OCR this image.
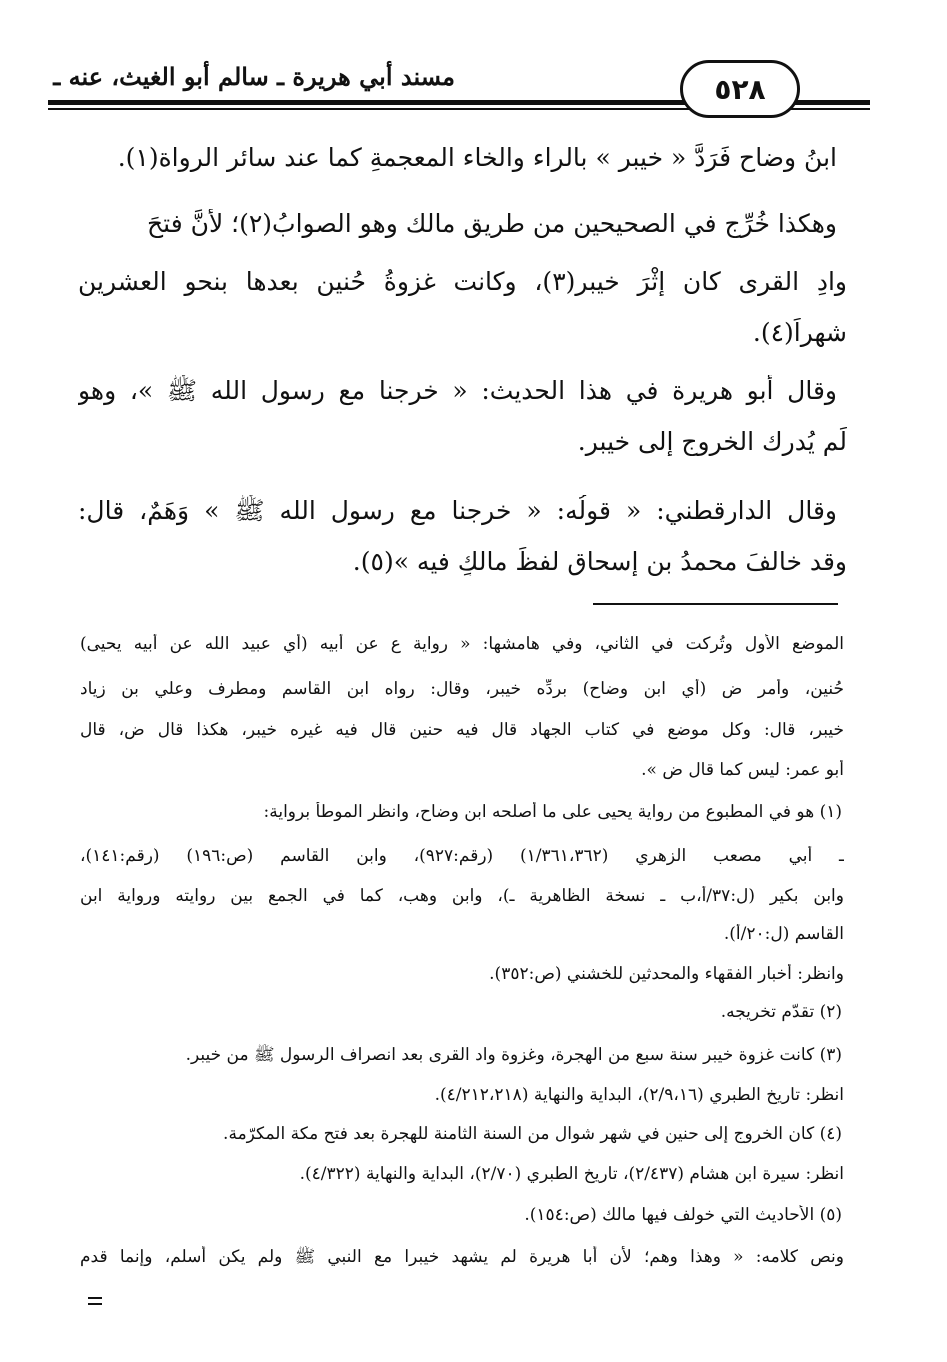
مسند أبي هريرة ـ سالم أبو الغيث، عنه ـ	٥٢٨
ابنُ وضاح فَرَدَّ « خيبر » بالراء والخاء المعجمةِ كما عند سائرِ الرواة(١).
وهكذا خُرِّج في الصحيحين من طريق مالك وهو الصوابُ(٢)؛ لأنَّ فتحَ
وادِ القرى كان إثْرَ خيبر(٣)، وكانت غزوةُ حُنين بعدها بنحوِ العشرين
شهراً(٤).
وقال أبو هريرة في هذا الحديث: « خرجنا مع رسول الله ﷺ »، وهو
لَم يُدرِك الخروج إلى خيبر.
وقال الدارقطني: « قولُه: « خرجنا مع رسول الله ﷺ » وَهَمٌ، قال:
وقد خالفَ محمدُ بن إسحاق لفظَ مالكٍ فيه »(٥).
الموضع الأول وتُركت في الثاني، وفي هامشها: « رواية ع عن أبيه (أي عبيد الله عن أبيه يحيى)
حُنين، وأمر ض (أي ابن وضاح) بردِّه خيبر، وقال: رواه ابن القاسم ومطرف وعلي بن زياد
خيبر، قال: وكل موضع في كتاب الجهاد قال فيه حنين قال فيه غيره خيبر، هكذا قال ض، قال
أبو عمر: ليس كما قال ض ».
(١) هو في المطبوع من رواية يحيى على ما أصلحه ابن وضاح، وانظر الموطأ برواية:
ـ أبي مصعب الزهري (١/٣٦١،٣٦٢) (رقم:٩٢٧)، وابن القاسم (ص:١٩٦) (رقم:١٤١)،
وابن بكير (ل:٣٧/أ،ب ـ نسخة الظاهرية ـ)، وابن وهب، كما في الجمع بين روايته ورواية ابن
القاسم (ل:٢٠/أ).
وانظر: أخبار الفقهاء والمحدثين للخشني (ص:٣٥٢).
(٢) تقدّم تخريجه.
(٣) كانت غزوة خيبر سنة سبع من الهجرة، وغزوة واد القرى بعد انصراف الرسول ﷺ من خيبر.
انظر: تاريخ الطبري (٢/٩،١٦)، البداية والنهاية (٤/٢١٢،٢١٨).
(٤) كان الخروج إلى حنين في شهر شوال من السنة الثامنة للهجرة بعد فتح مكة المكرّمة.
انظر: سيرة ابن هشام (٢/٤٣٧)، تاريخ الطبري (٢/٧٠)، البداية والنهاية (٤/٣٢٢).
(٥) الأحاديث التي خولف فيها مالك (ص:١٥٤).
ونص كلامه: « وهذا وهم؛ لأن أبا هريرة لم يشهد خيبرا مع النبي ﷺ ولم يكن أسلم، وإنما قدم
